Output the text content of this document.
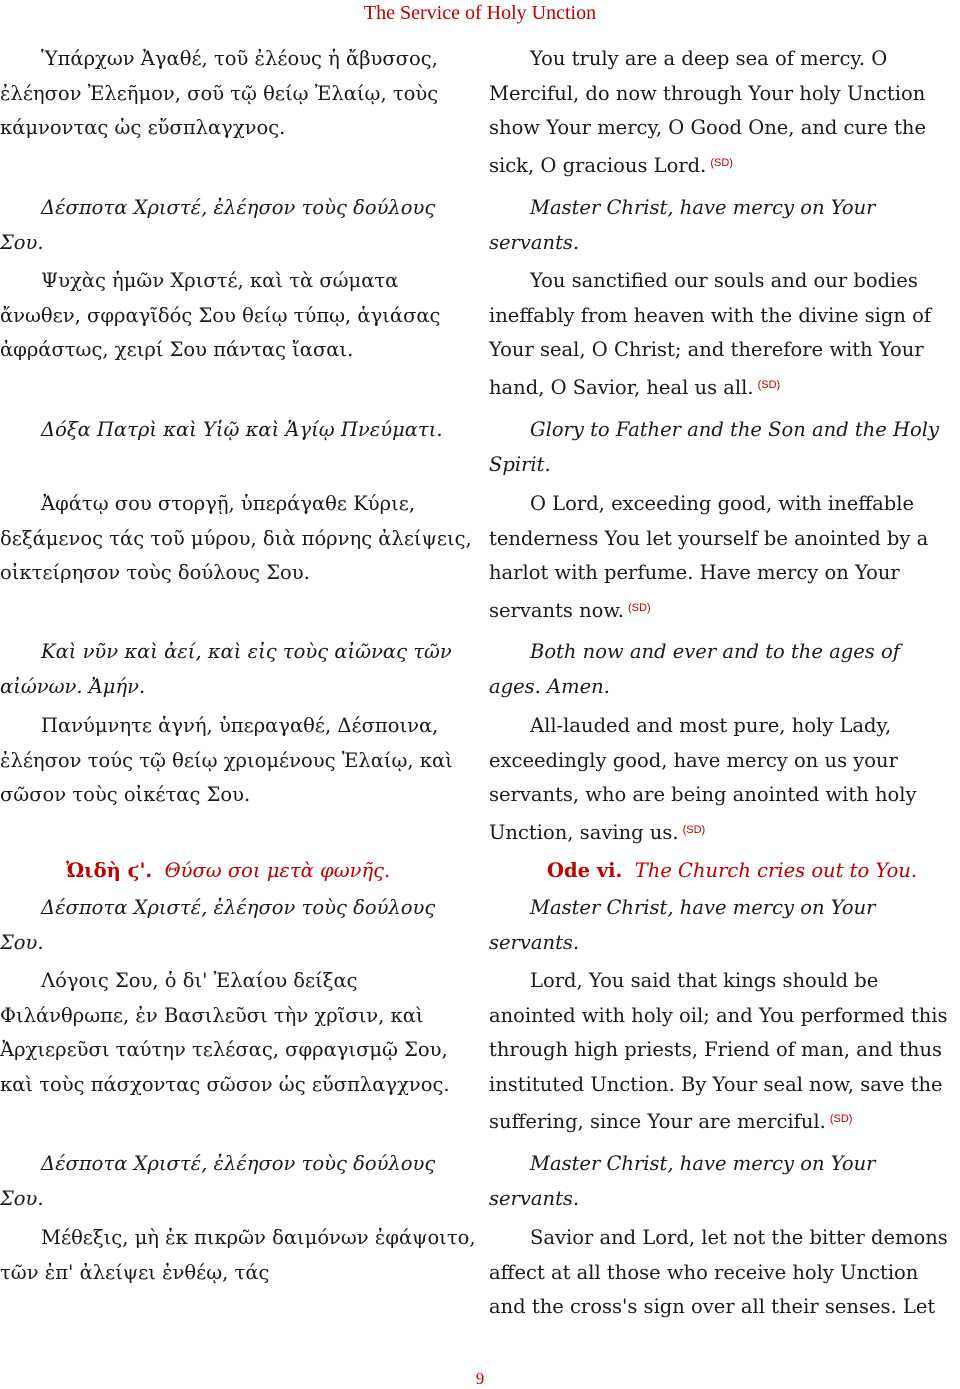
The Service of Holy Unction

Ὑπάρχων Ἀγαθέ, τοῦ ἐλέους ἡ ἄβυσσος, ἐλέησον Ἐλεῆμον, σοῦ τῷ θείῳ Ἐλαίῳ, τοὺς κάμνοντας ὡς εὔσπλαγχνος.

Δέσποτα Χριστέ, ἐλέησον τοὺς δούλους Σου.

Ψυχὰς ἡμῶν Χριστέ, καὶ τὰ σώματα ἄνωθεν, σφραγῖδός Σου θείῳ τύπῳ, ἁγιάσας ἀφράστως, χειρί Σου πάντας ἴασαι.

Δόξα Πατρὶ καὶ Υἱῷ καὶ Ἁγίῳ Πνεύματι.

Ἀφάτῳ σου στοργῇ, ὑπεράγαθε Κύριε, δεξάμενος τάς τοῦ μύρου, διὰ πόρνης ἀλείψεις, οἰκτείρησον τοὺς δούλους Σου.

Καὶ νῦν καὶ ἀεί, καὶ εἰς τοὺς αἰῶνας τῶν αἰώνων. Ἀμήν.

Πανύμνητε ἁγνή, ὑπεραγαθέ, Δέσποινα, ἐλέησον τούς τῷ θείῳ χριομένους Ἐλαίῳ, καὶ σῶσον τοὺς οἰκέτας Σου.

Ὠιδὴ ϛ'. Θύσω σοι μετὰ φωνῆς.

Δέσποτα Χριστέ, ἐλέησον τοὺς δούλους Σου.

Λόγοις Σου, ὁ δι' Ἐλαίου δείξας Φιλάνθρωπε, ἐν Βασιλεῦσι τὴν χρῖσιν, καὶ Ἀρχιερεῦσι ταύτην τελέσας, σφραγισμῷ Σου, καὶ τοὺς πάσχοντας σῶσον ὡς εὔσπλαγχνος.

Δέσποτα Χριστέ, ἐλέησον τοὺς δούλους Σου.

Μέθεξις, μὴ ἐκ πικρῶν δαιμόνων ἐφάψοιτο, τῶν ἐπ' ἀλείψει ἐνθέῳ, τάς

You truly are a deep sea of mercy. O Merciful, do now through Your holy Unction show Your mercy, O Good One, and cure the sick, O gracious Lord. $^{(SD)}$

Master Christ, have mercy on Your servants.

You sanctified our souls and our bodies ineffably from heaven with the divine sign of Your seal, O Christ; and therefore with Your hand, O Savior, heal us all. $^{(SD)}$

Glory to Father and the Son and the Holy Spirit.

O Lord, exceeding good, with ineffable tenderness You let yourself be anointed by a harlot with perfume. Have mercy on Your servants now. $^{(SD)}$

Both now and ever and to the ages of ages. Amen.

All-lauded and most pure, holy Lady, exceedingly good, have mercy on us your servants, who are being anointed with holy Unction, saving us. $^{(SD)}$

Ode vi. The Church cries out to You.

Master Christ, have mercy on Your servants.

Lord, You said that kings should be anointed with holy oil; and You performed this through high priests, Friend of man, and thus instituted Unction. By Your seal now, save the suffering, since Your are merciful. $^{(SD)}$

Master Christ, have mercy on Your servants.

Savior and Lord, let not the bitter demons affect at all those who receive holy Unction and the cross's sign over all their senses. Let

9
